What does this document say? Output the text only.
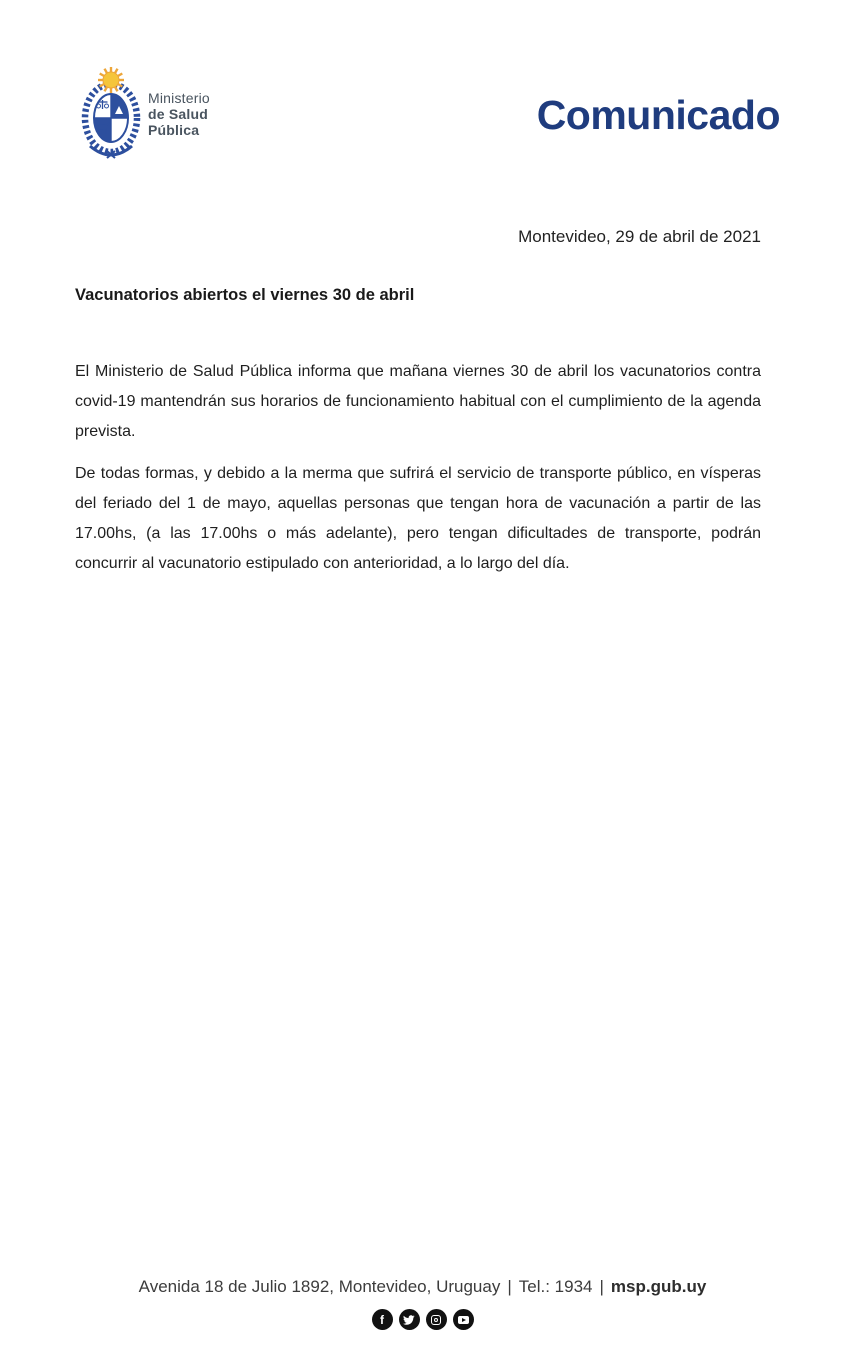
Ministerio
de Salud
Pública	Comunicado
Montevideo, 29 de abril de 2021
Vacunatorios abiertos el viernes 30 de abril
El Ministerio de Salud Pública informa que mañana viernes 30 de abril los vacunatorios contra covid-19 mantendrán sus horarios de funcionamiento habitual con el cumplimiento de la agenda prevista.
De todas formas, y debido a la merma que sufrirá el servicio de transporte público, en vísperas del feriado del 1 de mayo, aquellas personas que tengan hora de vacunación a partir de las 17.00hs, (a las 17.00hs o más adelante), pero tengan dificultades de transporte, podrán concurrir al vacunatorio estipulado con anterioridad, a lo largo del día.
Avenida 18 de Julio 1892, Montevideo, Uruguay | Tel.: 1934 | msp.gub.uy
f
